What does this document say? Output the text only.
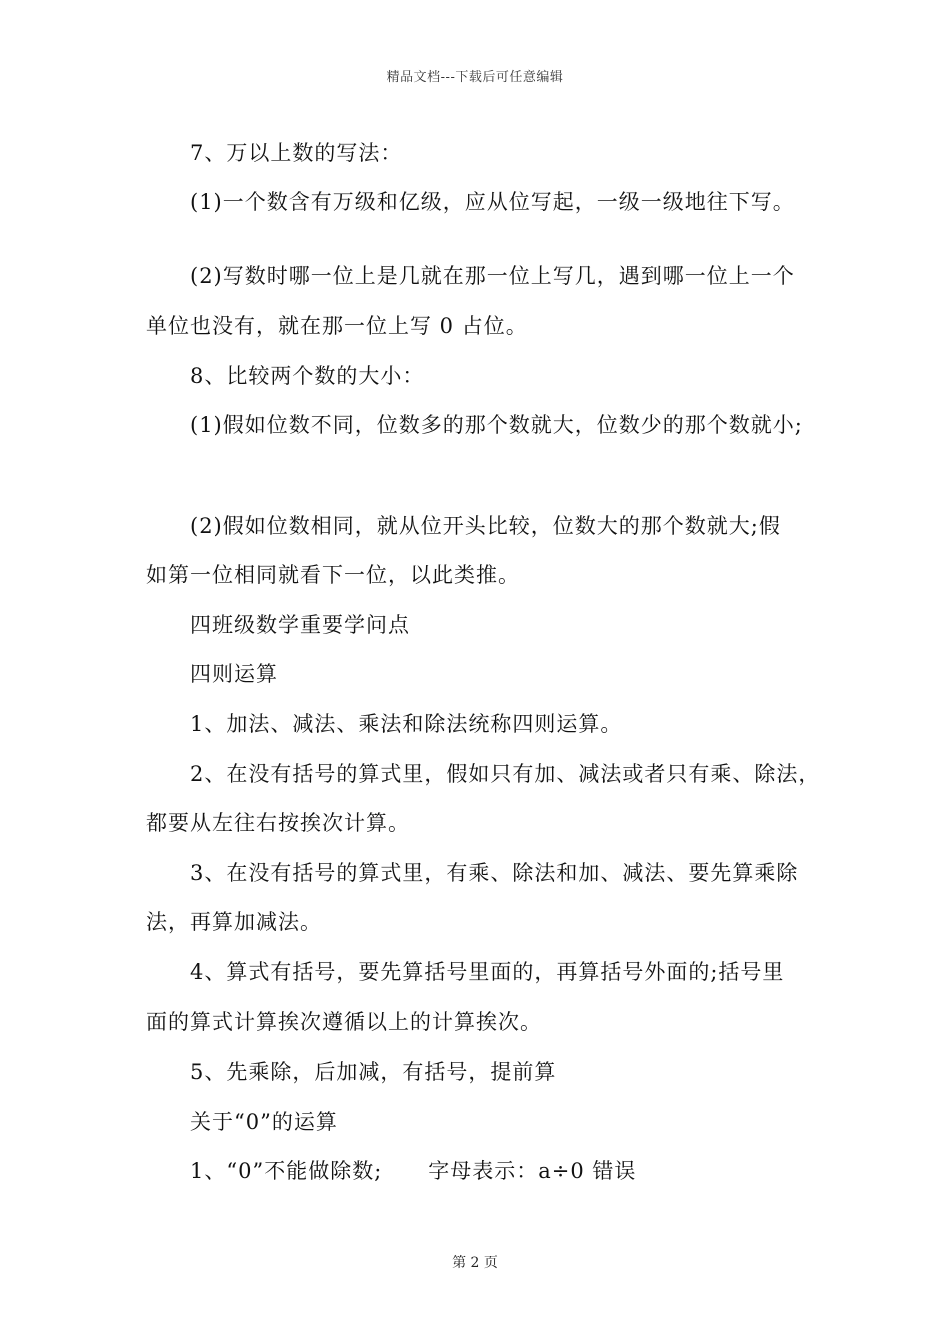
精品文档---下载后可任意编辑
7、万以上数的写法：
(1)一个数含有万级和亿级，应从位写起，一级一级地往下写。
(2)写数时哪一位上是几就在那一位上写几，遇到哪一位上一个
单位也没有，就在那一位上写 0 占位。
8、比较两个数的大小：
(1)假如位数不同，位数多的那个数就大，位数少的那个数就小;
(2)假如位数相同，就从位开头比较，位数大的那个数就大;假
如第一位相同就看下一位，以此类推。
四班级数学重要学问点
四则运算
1、加法、减法、乘法和除法统称四则运算。
2、在没有括号的算式里，假如只有加、减法或者只有乘、除法，
都要从左往右按挨次计算。
3、在没有括号的算式里，有乘、除法和加、减法、要先算乘除
法，再算加减法。
4、算式有括号，要先算括号里面的，再算括号外面的;括号里
面的算式计算挨次遵循以上的计算挨次。
5、先乘除，后加减，有括号，提前算
关于“0”的运算
1、“0”不能做除数; 字母表示：a÷0 错误
第 2 页
